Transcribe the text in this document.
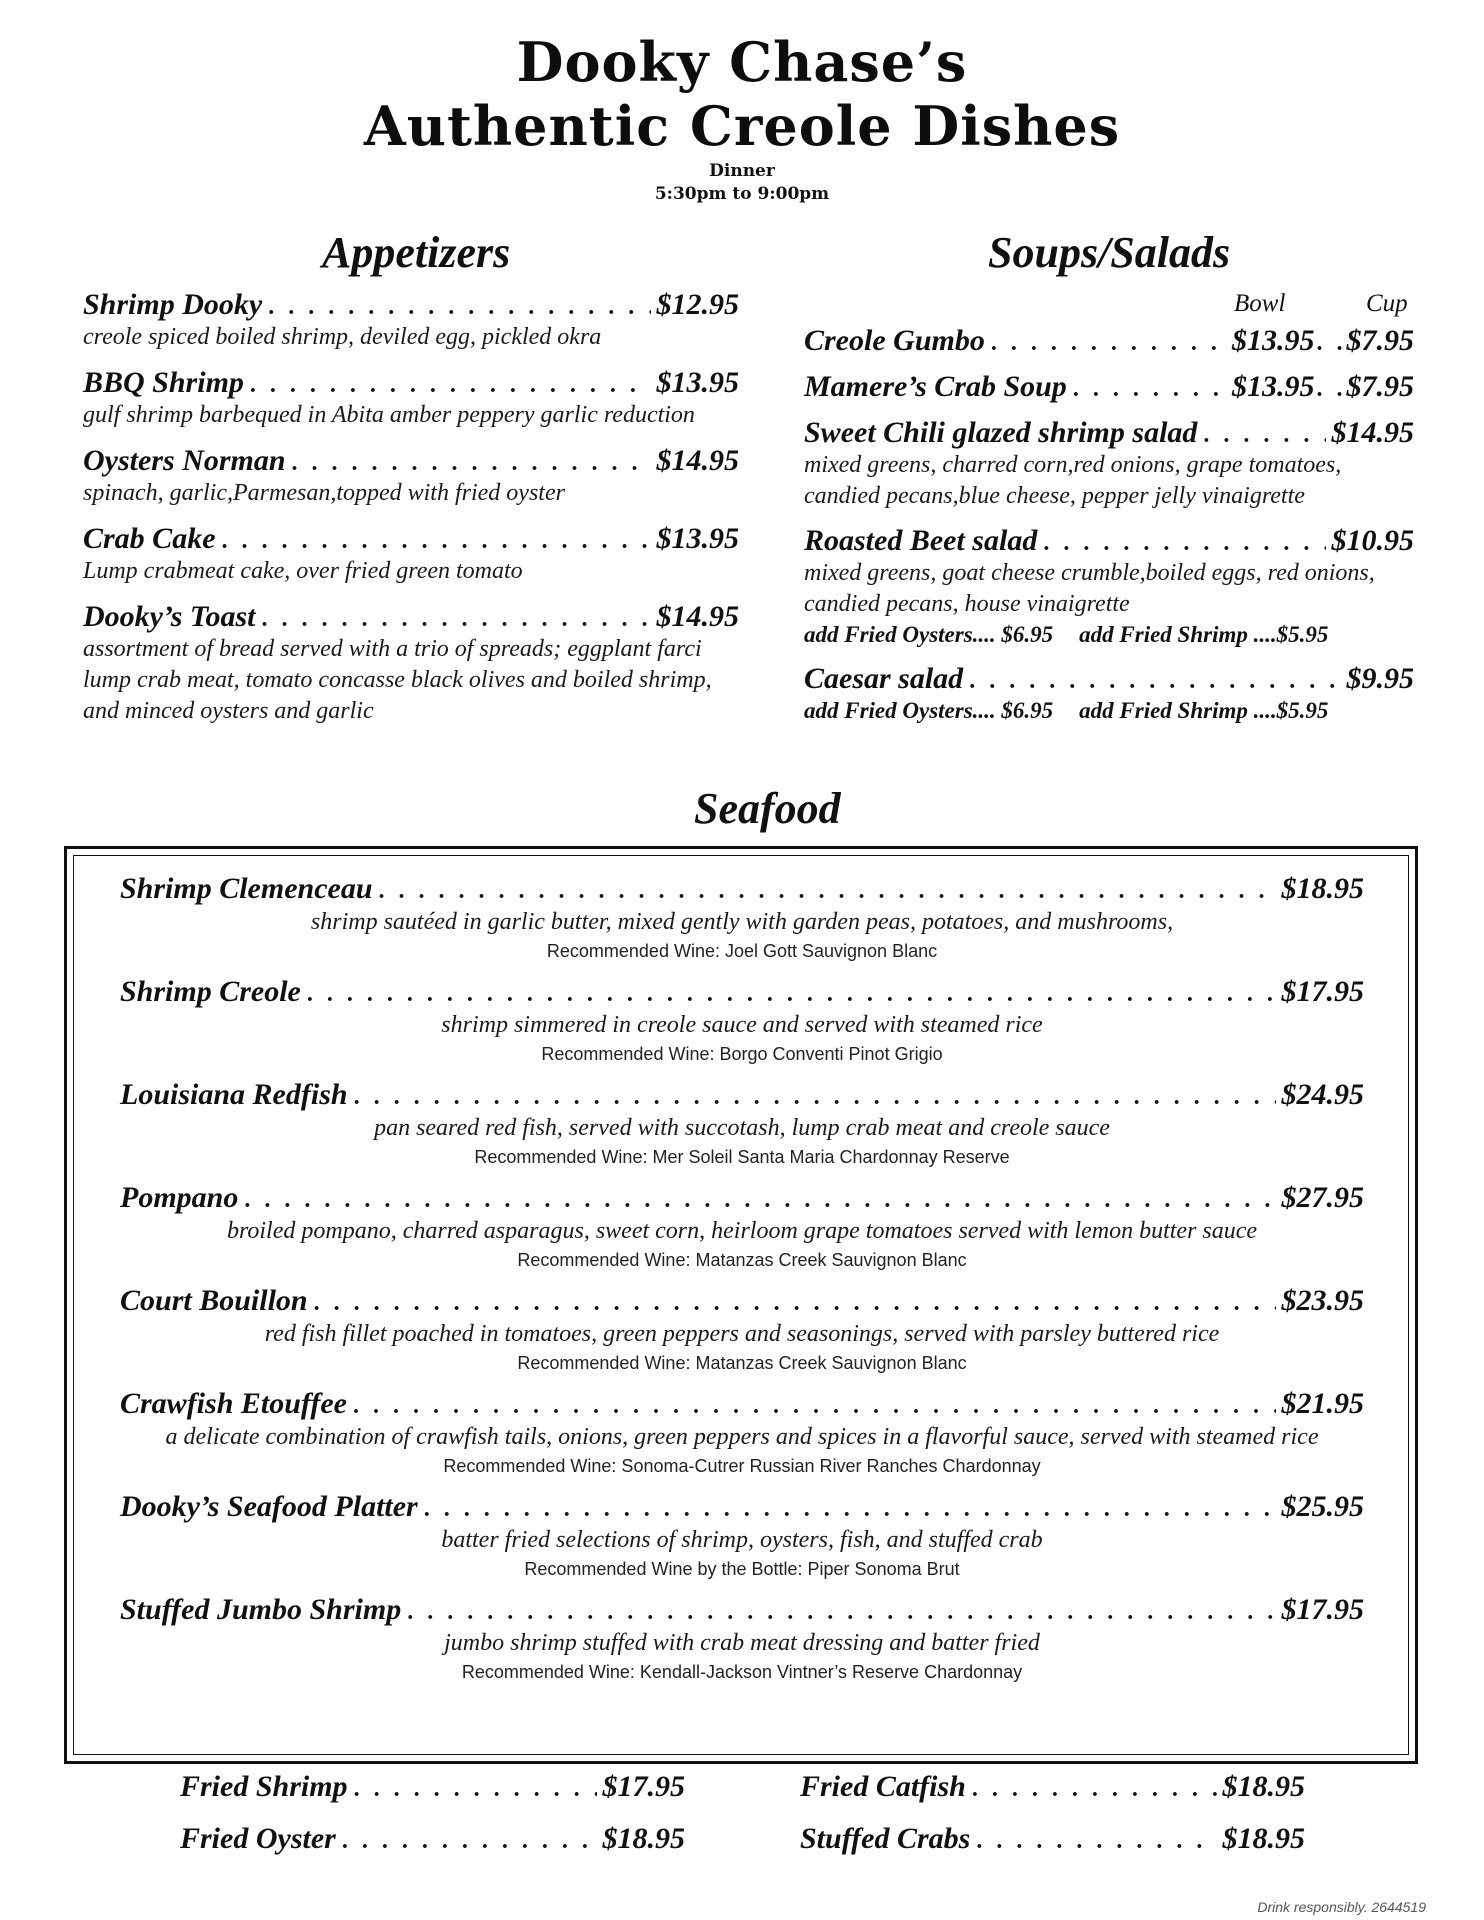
Dooky Chase’s
Authentic Creole Dishes
Dinner
5:30pm to 9:00pm
Appetizers
Shrimp Dooky . . .	$12.95
creole spiced boiled shrimp, deviled egg, pickled okra
BBQ Shrimp . . .	$13.95
gulf shrimp barbequed in Abita amber peppery garlic reduction
Oysters Norman . . .	$14.95
spinach, garlic,Parmesan,topped with fried oyster
Crab Cake . . .	$13.95
Lump crabmeat cake, over fried green tomato
Dooky’s Toast . . .	$14.95
assortment of bread served with a trio of spreads; eggplant farci
lump crab meat, tomato concasse black olives and boiled shrimp,
and minced oysters and garlic
Soups/Salads
Bowl	Cup
Creole Gumbo . . .	$13.95 . . . $7.95
Mamere’s Crab Soup . . .	$13.95 . . . $7.95
Sweet Chili glazed shrimp salad . . .	$14.95
mixed greens, charred corn,red onions, grape tomatoes,
candied pecans,blue cheese, pepper jelly vinaigrette
Roasted Beet salad . . .	$10.95
mixed greens, goat cheese crumble,boiled eggs, red onions,
candied pecans, house vinaigrette
add Fried Oysters.... $6.95 add Fried Shrimp ....$5.95
Caesar salad . . .	$9.95
add Fried Oysters.... $6.95 add Fried Shrimp ....$5.95
Seafood
Shrimp Clemenceau . . .	$18.95
shrimp sautéed in garlic butter, mixed gently with garden peas, potatoes, and mushrooms,
Recommended Wine: Joel Gott Sauvignon Blanc
Shrimp Creole . . .	$17.95
shrimp simmered in creole sauce and served with steamed rice
Recommended Wine: Borgo Conventi Pinot Grigio
Louisiana Redfish . . .	$24.95
pan seared red fish, served with succotash, lump crab meat and creole sauce
Recommended Wine: Mer Soleil Santa Maria Chardonnay Reserve
Pompano . . .	$27.95
broiled pompano, charred asparagus, sweet corn, heirloom grape tomatoes served with lemon butter sauce
Recommended Wine: Matanzas Creek Sauvignon Blanc
Court Bouillon . . .	$23.95
red fish fillet poached in tomatoes, green peppers and seasonings, served with parsley buttered rice
Recommended Wine: Matanzas Creek Sauvignon Blanc
Crawfish Etouffee . . .	$21.95
a delicate combination of crawfish tails, onions, green peppers and spices in a flavorful sauce, served with steamed rice
Recommended Wine: Sonoma-Cutrer Russian River Ranches Chardonnay
Dooky’s Seafood Platter . . .	$25.95
batter fried selections of shrimp, oysters, fish, and stuffed crab
Recommended Wine by the Bottle: Piper Sonoma Brut
Stuffed Jumbo Shrimp . . .	$17.95
jumbo shrimp stuffed with crab meat dressing and batter fried
Recommended Wine: Kendall-Jackson Vintner’s Reserve Chardonnay
Fried Shrimp . . .	$17.95
Fried Oyster . . .	$18.95
Fried Catfish . . .	$18.95
Stuffed Crabs . . .	$18.95
Drink responsibly. 2644519
